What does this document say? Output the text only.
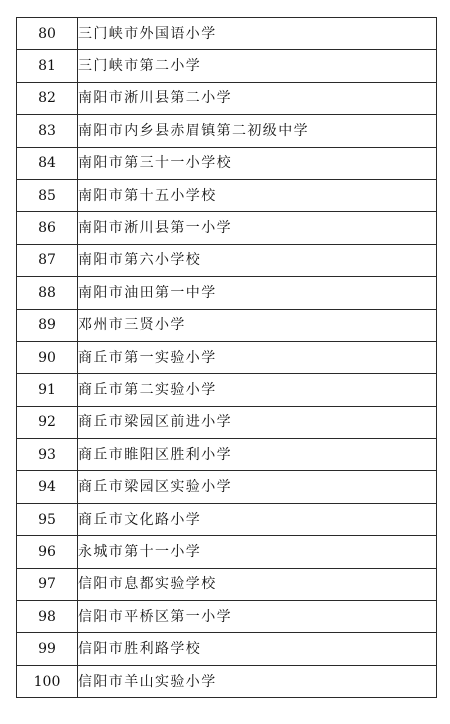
80	三门峡市外国语小学
81	三门峡市第二小学
82	南阳市淅川县第二小学
83	南阳市内乡县赤眉镇第二初级中学
84	南阳市第三十一小学校
85	南阳市第十五小学校
86	南阳市淅川县第一小学
87	南阳市第六小学校
88	南阳市油田第一中学
89	邓州市三贤小学
90	商丘市第一实验小学
91	商丘市第二实验小学
92	商丘市梁园区前进小学
93	商丘市睢阳区胜利小学
94	商丘市梁园区实验小学
95	商丘市文化路小学
96	永城市第十一小学
97	信阳市息都实验学校
98	信阳市平桥区第一小学
99	信阳市胜利路学校
100	信阳市羊山实验小学
